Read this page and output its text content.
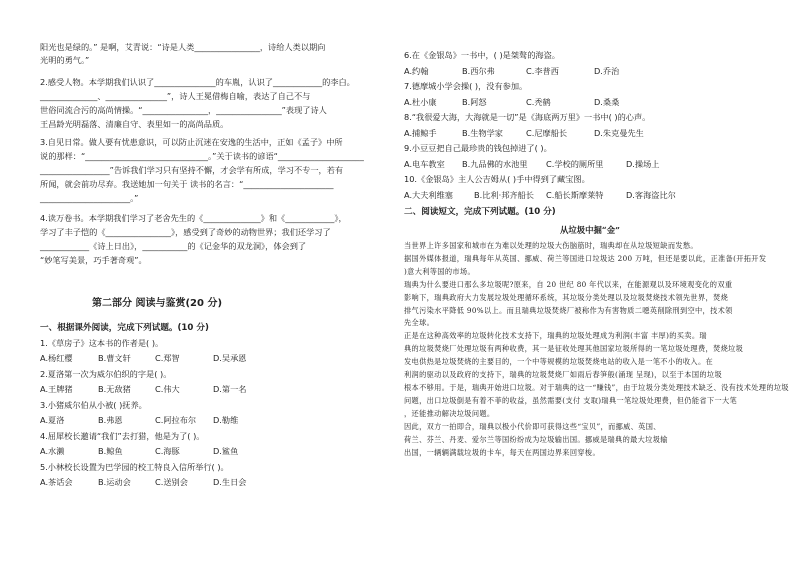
阳光也是绿的。” 是啊，艾青说：“诗是人类________________，诗给人类以期向
光明的勇气。”
2.感受人物。本学期我们认识了_______________的车胤，认识了____________的李白。
______________、_______________”，诗人王冕借梅自喻，表达了自己不与
世俗同流合污的高尚情操。“________________，________________”表现了诗人
王昌龄光明磊落、清廉自守、表里如一的高尚品质。
3.自见日常。做人要有忧患意识，可以防止沉迷在安逸的生活中，正如《孟子》中所
说的那样：“______________________________。”关于读书的谚语“_____________________
_________________”告诉我们学习只有坚持不懈，才会学有所成，学习不专一，若有
所闻，就会前功尽弃。我送她加一句关于 读书的名言：“______________________
______________________。”
4.读万卷书。本学期我们学习了老舍先生的《______________》和《____________》，
学习了丰子恺的《________________》，感受到了奇妙的动物世界；我们还学习了
____________《诗上日出》，___________的《记金华的双龙洞》，体会到了
“妙笔写美景，巧手著奇观”。
第二部分 阅读与鉴赏(20 分)
一、根据课外阅读，完成下列试题。(10 分)
1.《草房子》这本书的作者是( )。
A.杨红樱	B.曹文轩	C.郑智	D.吴承恩
2.夏洛第一次为威尔伯织的字是( )。
A.王牌猪	B.无敌猪	C.伟大	D.第一名
3.小猪威尔伯从小被( )抚养。
A.夏洛	B.弗恩	C.阿拉布尔 D.勒维
4.屈犀校长邀请“我们”去打猎，他是为了( )。
A.水濑	B.鲸鱼	C.海豚	D.鲨鱼
5.小林校长设置为巴学园的校工特良入信所举行( )。
A.茶话会	B.运动会	C.送别会	D.生日会
6.在《金银岛》一书中，( )是桀骜的海盗。
A.约翰	B.西尔弗	C.李普西	D.乔治
7.德摩城小学会操( )，没有参加。
A.杜小康	B.阿怒	C.秃鹤	D.桑桑
8.“我很爱大海，大海就是一切”是《海底两万里》一书中( )的心声。
A.捕鲸手	B.生物学家	C.尼摩船长	D.朱克曼先生
9.小豆豆把自己最珍贵的钱包掉进了( )。
A.电车教室 B.九品佛的水池里 C.学校的厕所里	D.操场上
10.《金银岛》主人公吉姆从( )手中得到了藏宝图。
A.大夫利维塞	B.比利·邦齐船长 C.船长斯摩莱特	D.客海盗比尔
二、阅读短文，完成下列试题。(10 分)
从垃圾中掘“金”

当世界上许多国家和城市在为难以处理的垃圾大伤脑筋时，瑞典却在从垃圾短缺而发愁。

据国外媒体报道，瑞典每年从英国、挪威、荷兰等国进口垃圾达 200 万吨，但还是要以此，正准备(开拓开发

)意大利等国的市场。

瑞典为什么要进口那么多垃圾呢?原来，自 20 世纪 80 年代以来，在能源观以及环境观变化的双重

影响下，瑞典政府大力发展垃圾处理循环系统，其垃圾分类处理以及垃圾焚烧技术领先世界，焚烧

排气污染水平降低 90%以上。而且瑞典垃圾焚烧厂被称作为有害物质二噁英削除刑到空中，技术领

先全球。

正是在这种高效率的垃圾转化技术支持下，瑞典的垃圾处理成为利润(丰富 丰厚)的买卖。瑞

典的垃圾焚烧厂处理垃圾有两种收费，其一是征收处理其他国家垃圾所得的一笔垃圾处理费，焚烧垃圾

发电供热是垃圾焚烧的主要目的，一个中等规模的垃圾焚烧电站的收入是一笔不小的收入。在

利润的驱动以及政府的支持下，瑞典的垃圾焚烧厂如雨后春笋般(涌现 呈现)，以至于本国的垃圾

根本不够用。于是，瑞典开始进口垃圾。对于瑞典的这一“赚钱”，由于垃圾分类处理技术缺乏、没有技术处理的垃圾

问题，出口垃圾倒是有着不菲的收益，虽然需要(支付 支取)瑞典一笔垃圾处理费，但仍能省下一大笔

，还能推动解决垃圾问题。

因此，双方一拍即合，瑞典以极小代价即可获得这些“宝贝”，而挪威、英国、

荷兰、芬兰、丹麦、爱尔兰等国纷纷成为垃圾输出国。挪威是瑞典的最大垃圾输

出国，一辆辆满载垃圾的卡车，每天在两国边界来回穿梭。
